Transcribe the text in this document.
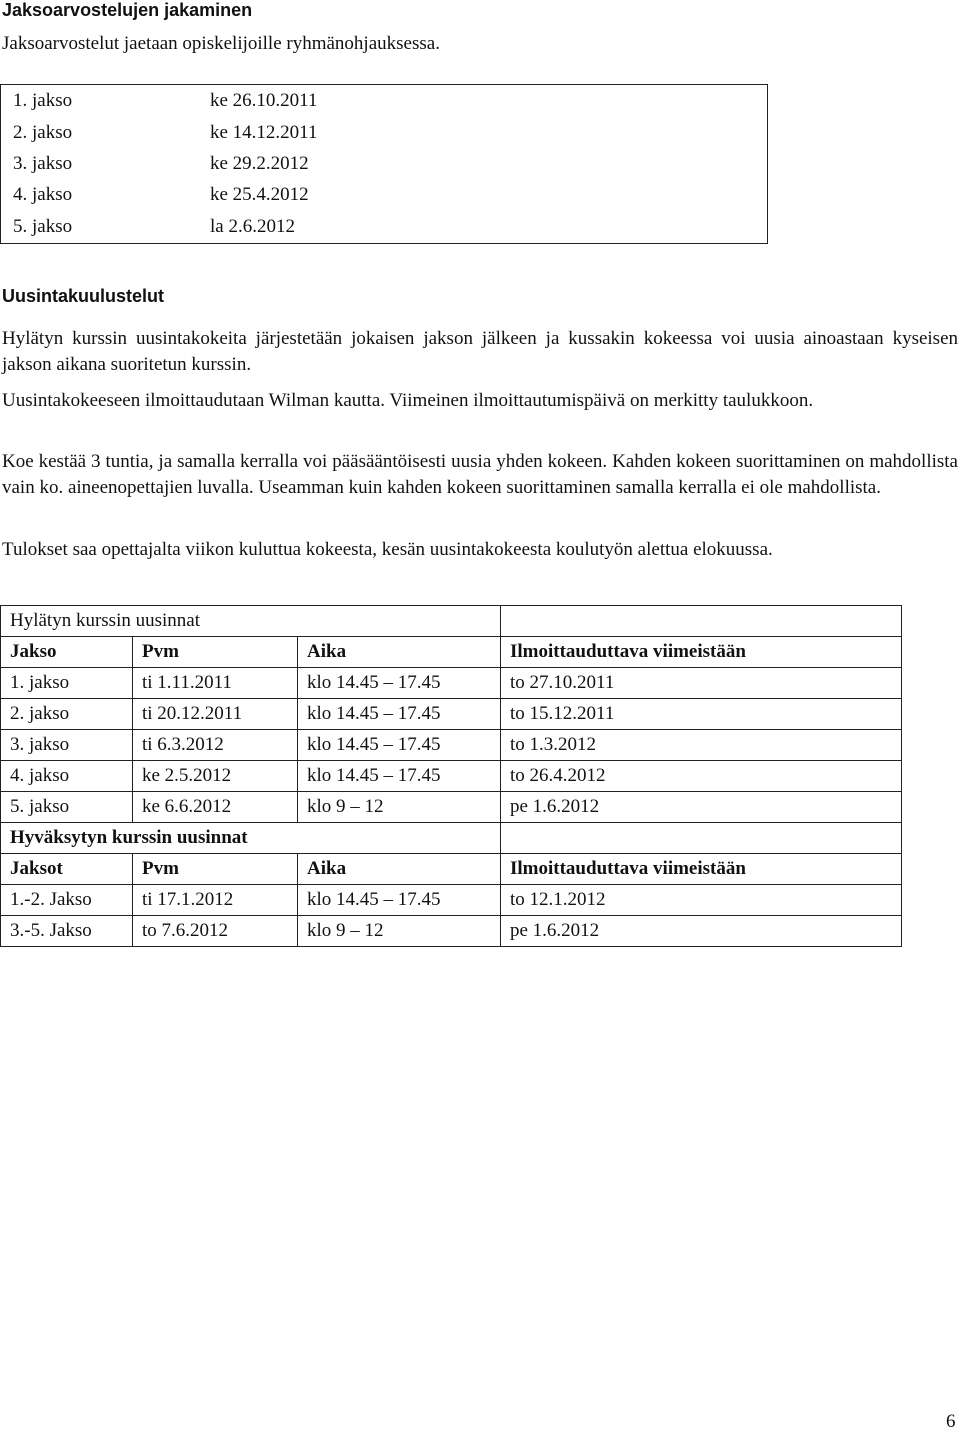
Jaksoarvostelujen jakaminen

Jaksoarvostelut jaetaan opiskelijoille ryhmänohjauksessa.

1. jakso	ke 26.10.2011
2. jakso	ke 14.12.2011
3. jakso	ke 29.2.2012
4. jakso	ke 25.4.2012
5. jakso	la 2.6.2012
Uusintakuulustelut

Hylätyn kurssin uusintakokeita järjestetään jokaisen jakson jälkeen ja kussakin kokeessa voi uusia ainoastaan kyseisen jakson aikana suoritetun kurssin.

Uusintakokeeseen ilmoittaudutaan Wilman kautta. Viimeinen ilmoittautumispäivä on merkitty taulukkoon.

Koe kestää 3 tuntia, ja samalla kerralla voi pääsääntöisesti uusia yhden kokeen. Kahden kokeen suorittaminen on mahdollista vain ko. aineenopettajien luvalla. Useamman kuin kahden kokeen suorittaminen samalla kerralla ei ole mahdollista.

Tulokset saa opettajalta viikon kuluttua kokeesta, kesän uusintakokeesta koulutyön alettua elokuussa.

Hylätyn kurssin uusinnat			
Jakso	Pvm	Aika	Ilmoittauduttava viimeistään
1. jakso	ti 1.11.2011	klo 14.45 – 17.45	to 27.10.2011
2. jakso	ti 20.12.2011	klo 14.45 – 17.45	to 15.12.2011
3. jakso	ti 6.3.2012	klo 14.45 – 17.45	to 1.3.2012
4. jakso	ke 2.5.2012	klo 14.45 – 17.45	to 26.4.2012
5. jakso	ke 6.6.2012	klo 9 – 12	pe 1.6.2012
Hyväksytyn kurssin uusinnat			
Jaksot	Pvm	Aika	Ilmoittauduttava viimeistään
1.-2. Jakso	ti 17.1.2012	klo 14.45 – 17.45	to 12.1.2012
3.-5. Jakso	to 7.6.2012	klo 9 – 12	pe 1.6.2012
6
